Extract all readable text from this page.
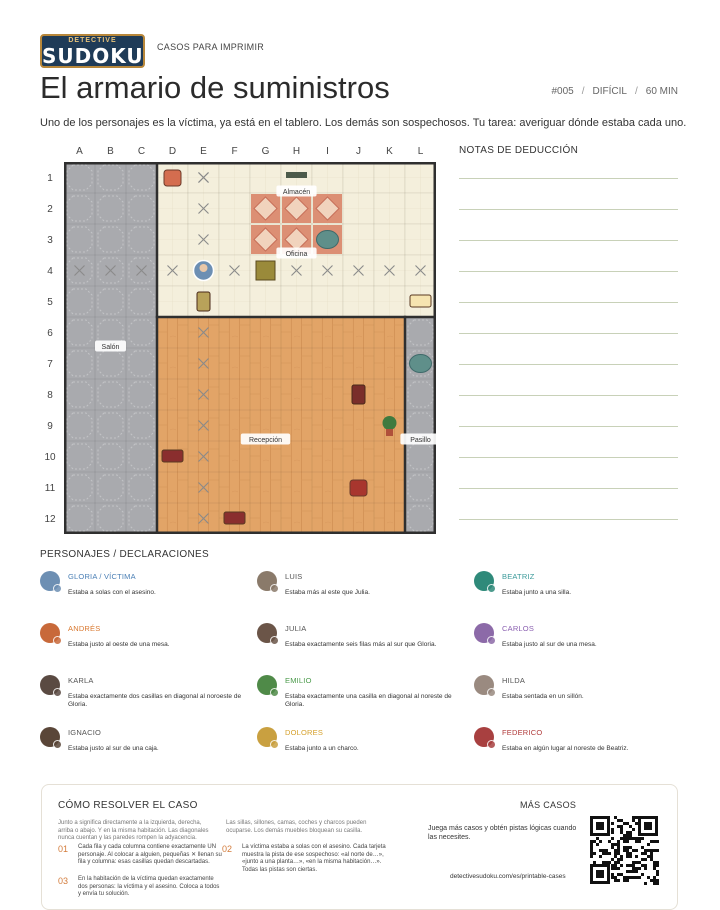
DETECTIVE
SUDOKU CASOS PARA IMPRIMIR
El armario de suministros	#005 / DIFÍCIL / 60 MIN
Uno de los personajes es la víctima, ya está en el tablero. Los demás son sospechosos. Tu tarea: averiguar dónde estaba cada uno.
A	B	C	D	E	F	G	H	I	J	K	L
1
2
3
4
5
6
7
8
9
10
11
12
Almacén
Oficina
Salón
Recepción	Pasillo
NOTAS DE DEDUCCIÓN
PERSONAJES / DECLARACIONES
GLORIA / VÍCTIMA
Estaba a solas con el asesino.
LUIS
Estaba más al este que Julia.
BEATRIZ
Estaba junto a una silla.
ANDRÉS
Estaba justo al oeste de una mesa.
JULIA
Estaba exactamente seis filas más al sur que Gloria.
CARLOS
Estaba justo al sur de una mesa.
KARLA
Estaba exactamente dos casillas en diagonal al noroeste de Gloria.
EMILIO
Estaba exactamente una casilla en diagonal al noreste de Gloria.
HILDA
Estaba sentada en un sillón.
IGNACIO
Estaba justo al sur de una caja.
DOLORES
Estaba junto a un charco.
FEDERICO
Estaba en algún lugar al noreste de Beatriz.
CÓMO RESOLVER EL CASO
Junto a significa directamente a la izquierda, derecha, arriba o abajo. Y en la misma habitación. Las diagonales nunca cuentan y las paredes rompen la adyacencia.
Las sillas, sillones, camas, coches y charcos pueden ocuparse. Los demás muebles bloquean su casilla.
01 Cada fila y cada columna contiene exactamente UN personaje. Al colocar a alguien, pequeñas ✕ llenan su fila y columna: esas casillas quedan descartadas.
02 La víctima estaba a solas con el asesino. Cada tarjeta muestra la pista de ese sospechoso: «al norte de…», «junto a una planta…», «en la misma habitación…». Todas las pistas son ciertas.
03 En la habitación de la víctima quedan exactamente dos personas: la víctima y el asesino. Coloca a todos y envía tu solución.
MÁS CASOS
Juega más casos y obtén pistas lógicas cuando las necesites.
detectivesudoku.com/es/printable-cases
